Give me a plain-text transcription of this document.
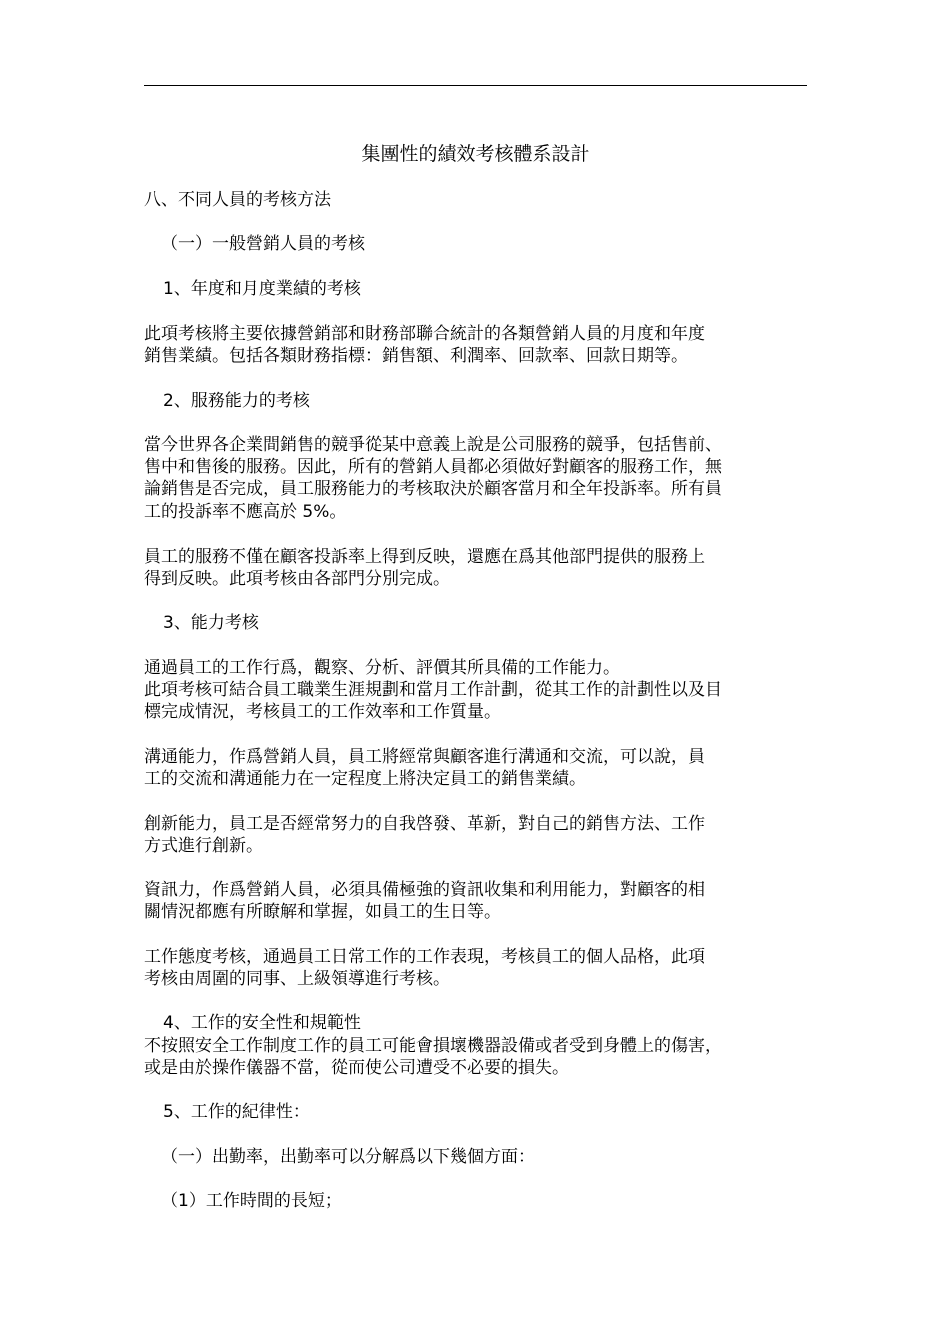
集團性的績效考核體系設計
八、不同人員的考核方法
（一）一般營銷人員的考核
1、年度和月度業績的考核
此項考核將主要依據營銷部和財務部聯合統計的各類營銷人員的月度和年度
銷售業績。包括各類財務指標：銷售額、利潤率、回款率、回款日期等。
2、服務能力的考核
當今世界各企業間銷售的競爭從某中意義上說是公司服務的競爭，包括售前、
售中和售後的服務。因此，所有的營銷人員都必須做好對顧客的服務工作，無
論銷售是否完成，員工服務能力的考核取決於顧客當月和全年投訴率。所有員
工的投訴率不應高於 5%。
員工的服務不僅在顧客投訴率上得到反映，還應在爲其他部門提供的服務上
得到反映。此項考核由各部門分別完成。
3、能力考核
通過員工的工作行爲，觀察、分析、評價其所具備的工作能力。
此項考核可結合員工職業生涯規劃和當月工作計劃，從其工作的計劃性以及目
標完成情況，考核員工的工作效率和工作質量。
溝通能力，作爲營銷人員，員工將經常與顧客進行溝通和交流，可以說，員
工的交流和溝通能力在一定程度上將決定員工的銷售業績。
創新能力，員工是否經常努力的自我啓發、革新，對自己的銷售方法、工作
方式進行創新。
資訊力，作爲營銷人員，必須具備極強的資訊收集和利用能力，對顧客的相
關情況都應有所瞭解和掌握，如員工的生日等。
工作態度考核，通過員工日常工作的工作表現，考核員工的個人品格，此項
考核由周圍的同事、上級領導進行考核。
4、工作的安全性和規範性
不按照安全工作制度工作的員工可能會損壞機器設備或者受到身體上的傷害，
或是由於操作儀器不當，從而使公司遭受不必要的損失。
5、工作的紀律性：
（一）出勤率，出勤率可以分解爲以下幾個方面：
（1）工作時間的長短；
